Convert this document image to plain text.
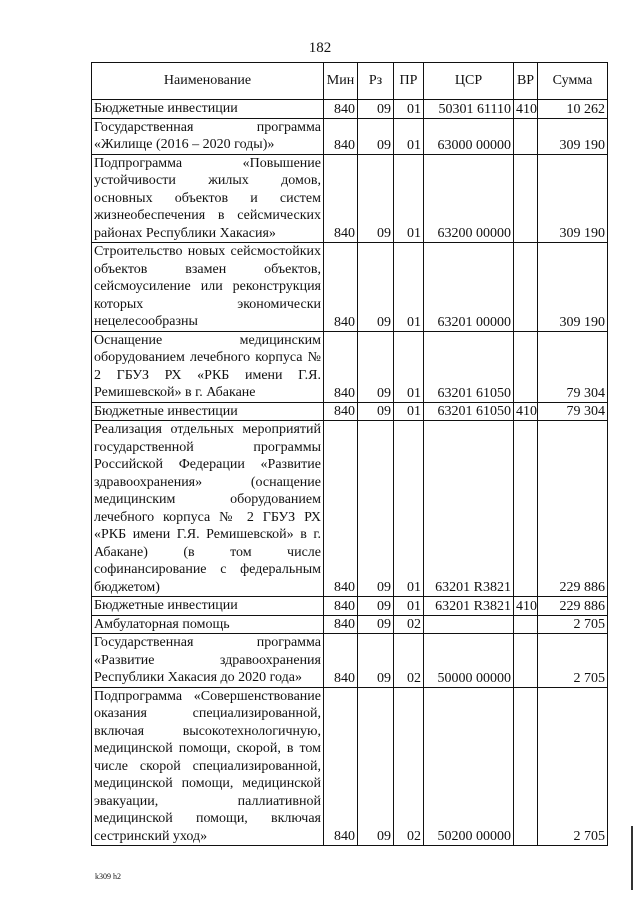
182
Наименование	Мин	Рз	ПР	ЦСР	ВР	Сумма
Бюджетные инвестиции	840	09	01	50301 61110	410	10 262
Государственная программа «Жилище (2016 – 2020 годы)»	840	09	01	63000 00000		309 190
Подпрограмма «Повышение устойчивости жилых домов, основных объектов и систем жизнеобеспечения в сейсмических районах Республики Хакасия»	840	09	01	63200 00000		309 190
Строительство новых сейсмостойких объектов взамен объектов, сейсмоусиление или реконструкция которых экономически нецелесообразны	840	09	01	63201 00000		309 190
Оснащение медицинским оборудованием лечебного корпуса № 2 ГБУЗ РХ «РКБ имени Г.Я. Ремишевской» в г. Абакане	840	09	01	63201 61050		79 304
Бюджетные инвестиции	840	09	01	63201 61050	410	79 304
Реализация отдельных мероприятий государственной программы Российской Федерации «Развитие здравоохранения» (оснащение медицинским оборудованием лечебного корпуса № 2 ГБУЗ РХ «РКБ имени Г.Я. Ремишевской» в г. Абакане) (в том числе софинансирование с федеральным бюджетом)	840	09	01	63201 R3821		229 886
Бюджетные инвестиции	840	09	01	63201 R3821	410	229 886
Амбулаторная помощь	840	09	02			2 705
Государственная программа «Развитие здравоохранения Республики Хакасия до 2020 года»	840	09	02	50000 00000		2 705
Подпрограмма «Совершенствование оказания специализированной, включая высокотехнологичную, медицинской помощи, скорой, в том числе скорой специализированной, медицинской помощи, медицинской эвакуации, паллиативной медицинской помощи, включая сестринский уход»	840	09	02	50200 00000		2 705
k309 h2
